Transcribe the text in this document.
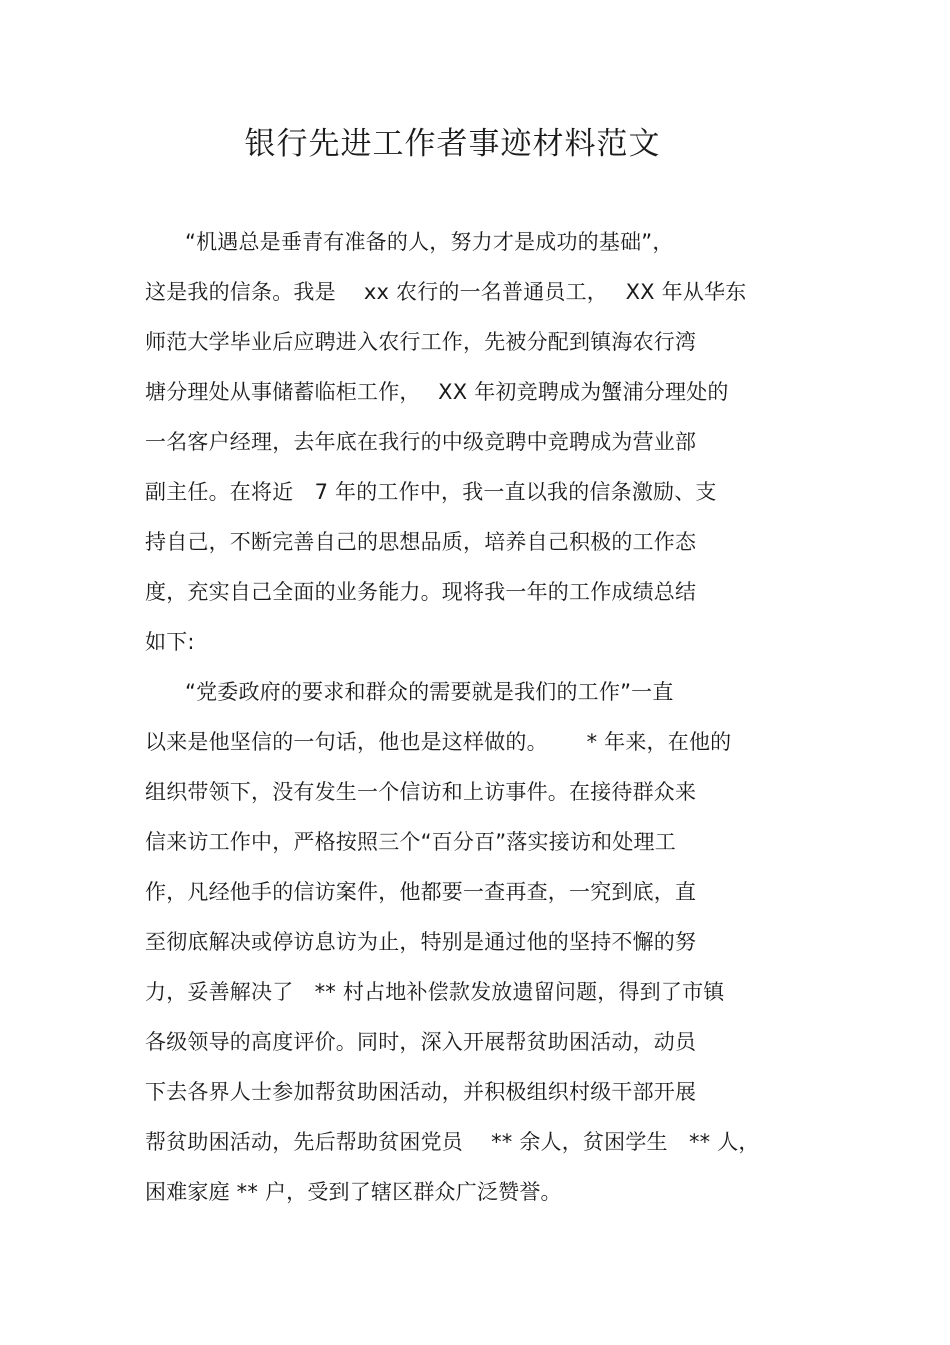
银行先进工作者事迹材料范文
“机遇总是垂青有准备的人，努力才是成功的基础”，
这是我的信条。我是　 xx 农行的一名普通员工，　 XX 年从华东
师范大学毕业后应聘进入农行工作，先被分配到镇海农行湾
塘分理处从事储蓄临柜工作，　 XX 年初竞聘成为蟹浦分理处的
一名客户经理，去年底在我行的中级竞聘中竞聘成为营业部
副主任。在将近　7 年的工作中，我一直以我的信条激励、支
持自己，不断完善自己的思想品质，培养自己积极的工作态
度，充实自己全面的业务能力。现将我一年的工作成绩总结
如下:
“党委政府的要求和群众的需要就是我们的工作”一直
以来是他坚信的一句话，他也是这样做的。　　 * 年来，在他的
组织带领下，没有发生一个信访和上访事件。在接待群众来
信来访工作中，严格按照三个“百分百”落实接访和处理工
作，凡经他手的信访案件，他都要一查再查，一究到底，直
至彻底解决或停访息访为止，特别是通过他的坚持不懈的努
力，妥善解决了　** 村占地补偿款发放遗留问题，得到了市镇
各级领导的高度评价。同时，深入开展帮贫助困活动，动员
下去各界人士参加帮贫助困活动，并积极组织村级干部开展
帮贫助困活动，先后帮助贫困党员　 ** 余人，贫困学生　** 人，
困难家庭 ** 户，受到了辖区群众广泛赞誉。
